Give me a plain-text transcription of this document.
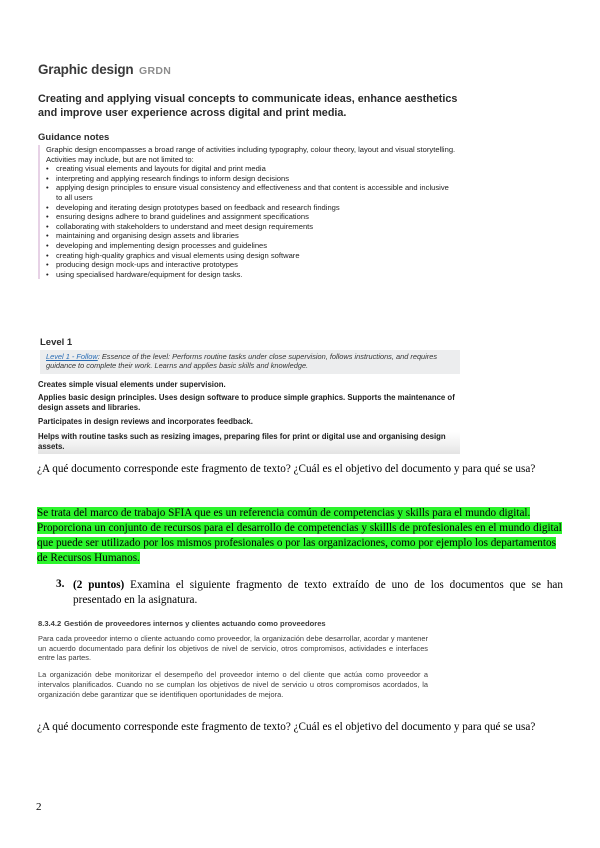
Graphic design GRDN
Creating and applying visual concepts to communicate ideas, enhance aesthetics and improve user experience across digital and print media.
Guidance notes

Graphic design encompasses a broad range of activities including typography, colour theory, layout and visual storytelling.

Activities may include, but are not limited to:

• creating visual elements and layouts for digital and print media
• interpreting and applying research findings to inform design decisions
• applying design principles to ensure visual consistency and effectiveness and that content is accessible and inclusive to all users
• developing and iterating design prototypes based on feedback and research findings
• ensuring designs adhere to brand guidelines and assignment specifications
• collaborating with stakeholders to understand and meet design requirements
• maintaining and organising design assets and libraries
• developing and implementing design processes and guidelines
• creating high-quality graphics and visual elements using design software
• producing design mock-ups and interactive prototypes
• using specialised hardware/equipment for design tasks.
Level 1
Level 1 - Follow: Essence of the level: Performs routine tasks under close supervision, follows instructions, and requires guidance to complete their work. Learns and applies basic skills and knowledge.
Creates simple visual elements under supervision.
Applies basic design principles. Uses design software to produce simple graphics. Supports the maintenance of design assets and libraries.
Participates in design reviews and incorporates feedback.
Helps with routine tasks such as resizing images, preparing files for print or digital use and organising design assets.
¿A qué documento corresponde este fragmento de texto? ¿Cuál es el objetivo del documento y para qué se usa?
Se trata del marco de trabajo SFIA que es un referencia común de competencias y skills para el mundo digital. Proporciona un conjunto de recursos para el desarrollo de competencias y skillls de profesionales en el mundo digital que puede ser utilizado por los mismos profesionales o por las organizaciones, como por ejemplo los departamentos de Recursos Humanos.
3. (2 puntos) Examina el siguiente fragmento de texto extraído de uno de los documentos que se han presentado en la asignatura.
8.3.4.2 Gestión de proveedores internos y clientes actuando como proveedores
Para cada proveedor interno o cliente actuando como proveedor, la organización debe desarrollar, acordar y mantener un acuerdo documentado para definir los objetivos de nivel de servicio, otros compromisos, actividades e interfaces entre las partes.
La organización debe monitorizar el desempeño del proveedor interno o del cliente que actúa como proveedor a intervalos planificados. Cuando no se cumplan los objetivos de nivel de servicio u otros compromisos acordados, la organización debe garantizar que se identifiquen oportunidades de mejora.
¿A qué documento corresponde este fragmento de texto? ¿Cuál es el objetivo del documento y para qué se usa?
2
